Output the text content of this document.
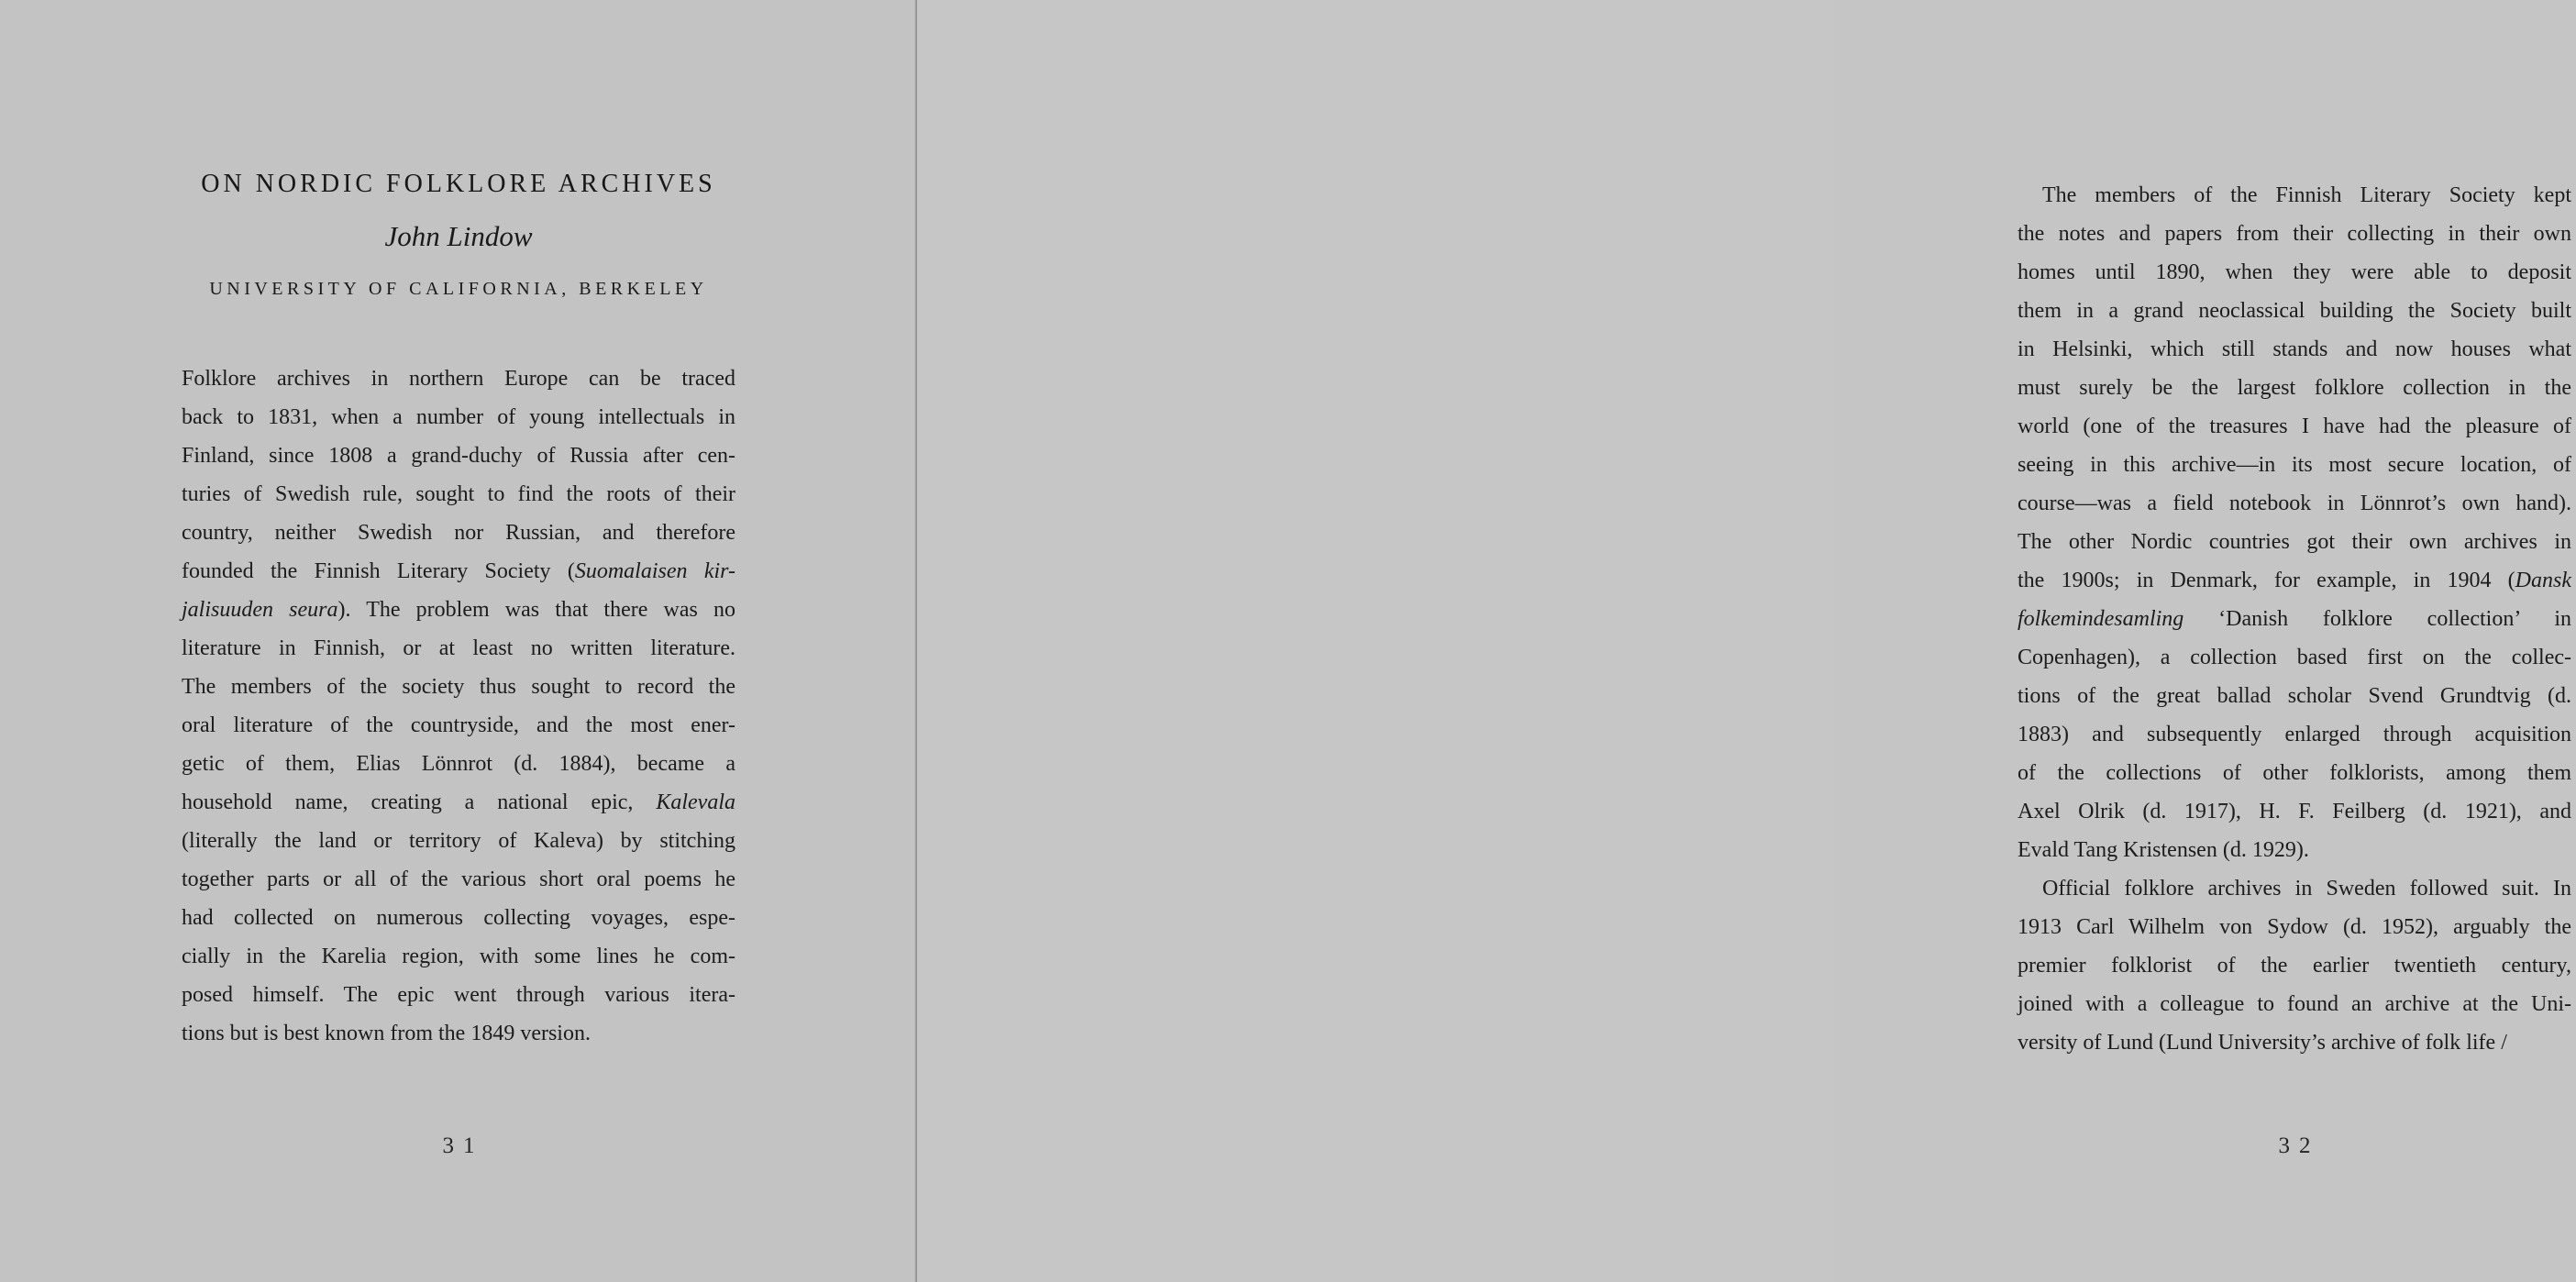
ON NORDIC FOLKLORE ARCHIVES
John Lindow
UNIVERSITY OF CALIFORNIA, BERKELEY
Folklore archives in northern Europe can be traced
back to 1831, when a number of young intellectuals in
Finland, since 1808 a grand-duchy of Russia after cen-
turies of Swedish rule, sought to find the roots of their
country, neither Swedish nor Russian, and therefore
founded the Finnish Literary Society (Suomalaisen kir-
jalisuuden seura). The problem was that there was no
literature in Finnish, or at least no written literature.
The members of the society thus sought to record the
oral literature of the countryside, and the most ener-
getic of them, Elias Lönnrot (d. 1884), became a
household name, creating a national epic, Kalevala
(literally the land or territory of Kaleva) by stitching
together parts or all of the various short oral poems he
had collected on numerous collecting voyages, espe-
cially in the Karelia region, with some lines he com-
posed himself. The epic went through various itera-
tions but is best known from the 1849 version.
31
The members of the Finnish Literary Society kept
the notes and papers from their collecting in their own
homes until 1890, when they were able to deposit
them in a grand neoclassical building the Society built
in Helsinki, which still stands and now houses what
must surely be the largest folklore collection in the
world (one of the treasures I have had the pleasure of
seeing in this archive—in its most secure location, of
course—was a field notebook in Lönnrot’s own hand).
The other Nordic countries got their own archives in
the 1900s; in Denmark, for example, in 1904 (Dansk
folkemindesamling ‘Danish folklore collection’ in
Copenhagen), a collection based first on the collec-
tions of the great ballad scholar Svend Grundtvig (d.
1883) and subsequently enlarged through acquisition
of the collections of other folklorists, among them
Axel Olrik (d. 1917), H. F. Feilberg (d. 1921), and
Evald Tang Kristensen (d. 1929).
Official folklore archives in Sweden followed suit. In
1913 Carl Wilhelm von Sydow (d. 1952), arguably the
premier folklorist of the earlier twentieth century,
joined with a colleague to found an archive at the Uni-
versity of Lund (Lund University’s archive of folk life /
32
